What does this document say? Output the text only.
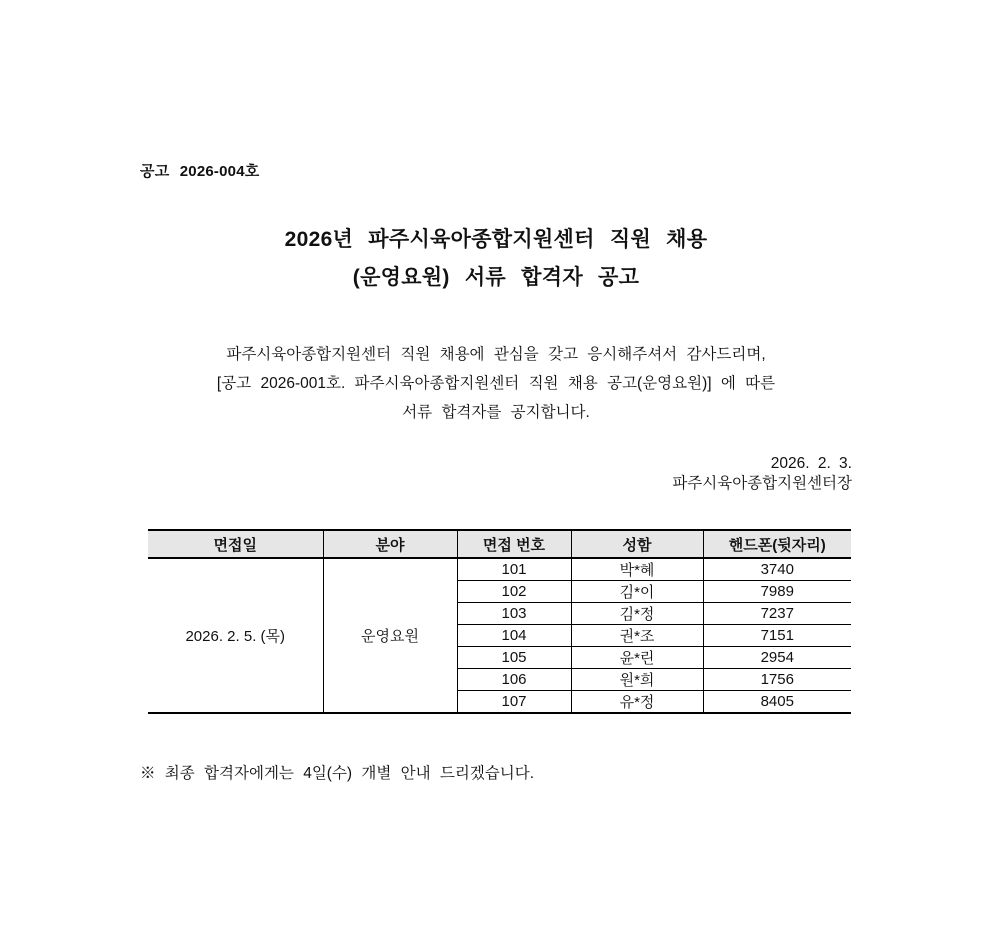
공고 2026-004호
2026년 파주시육아종합지원센터 직원 채용
(운영요원) 서류 합격자 공고
파주시육아종합지원센터 직원 채용에 관심을 갖고 응시해주셔서 감사드리며,
[공고 2026-001호. 파주시육아종합지원센터 직원 채용 공고(운영요원)] 에 따른
서류 합격자를 공지합니다.
2026. 2. 3.
파주시육아종합지원센터장
면접일	분야	면접 번호	성함	핸드폰(뒷자리)
2026. 2. 5. (목)	운영요원	101	박*혜	3740
		102	김*이	7989
		103	김*정	7237
		104	권*조	7151
		105	윤*린	2954
		106	원*희	1756
		107	유*정	8405
※ 최종 합격자에게는 4일(수) 개별 안내 드리겠습니다.
